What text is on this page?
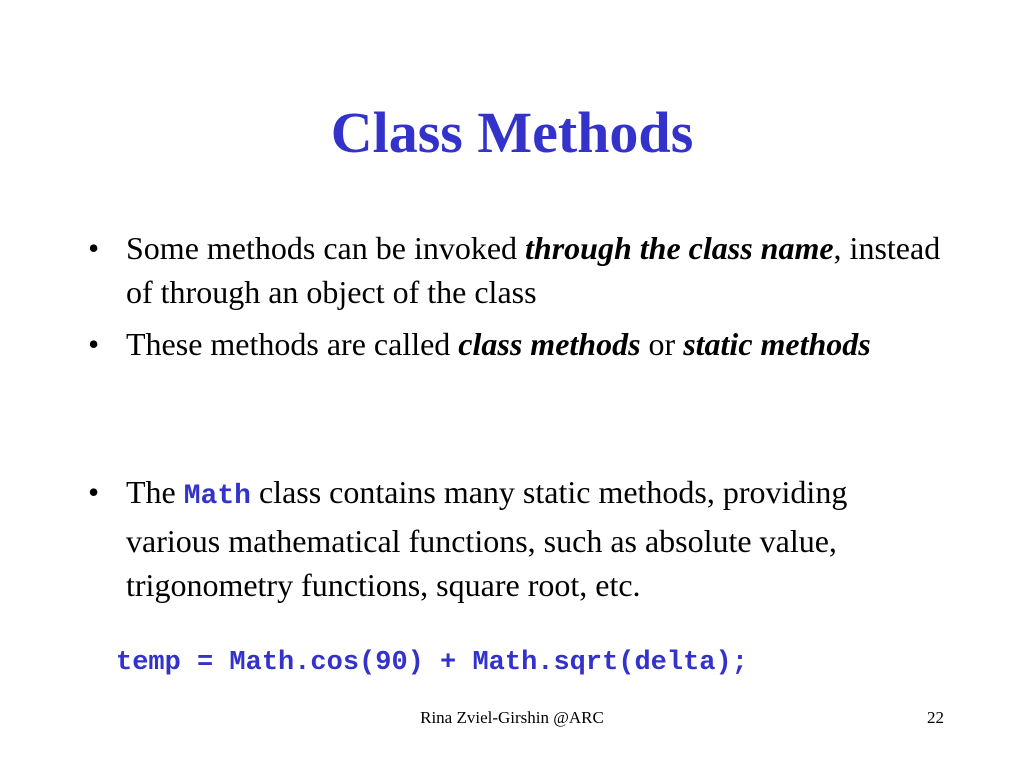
Class Methods
• Some methods can be invoked through the class name, instead of through an object of the class
• These methods are called class methods or static methods
• The Math class contains many static methods, providing various mathematical functions, such as absolute value, trigonometry functions, square root, etc.
temp = Math.cos(90) + Math.sqrt(delta);
Rina Zviel-Girshin @ARC	22
